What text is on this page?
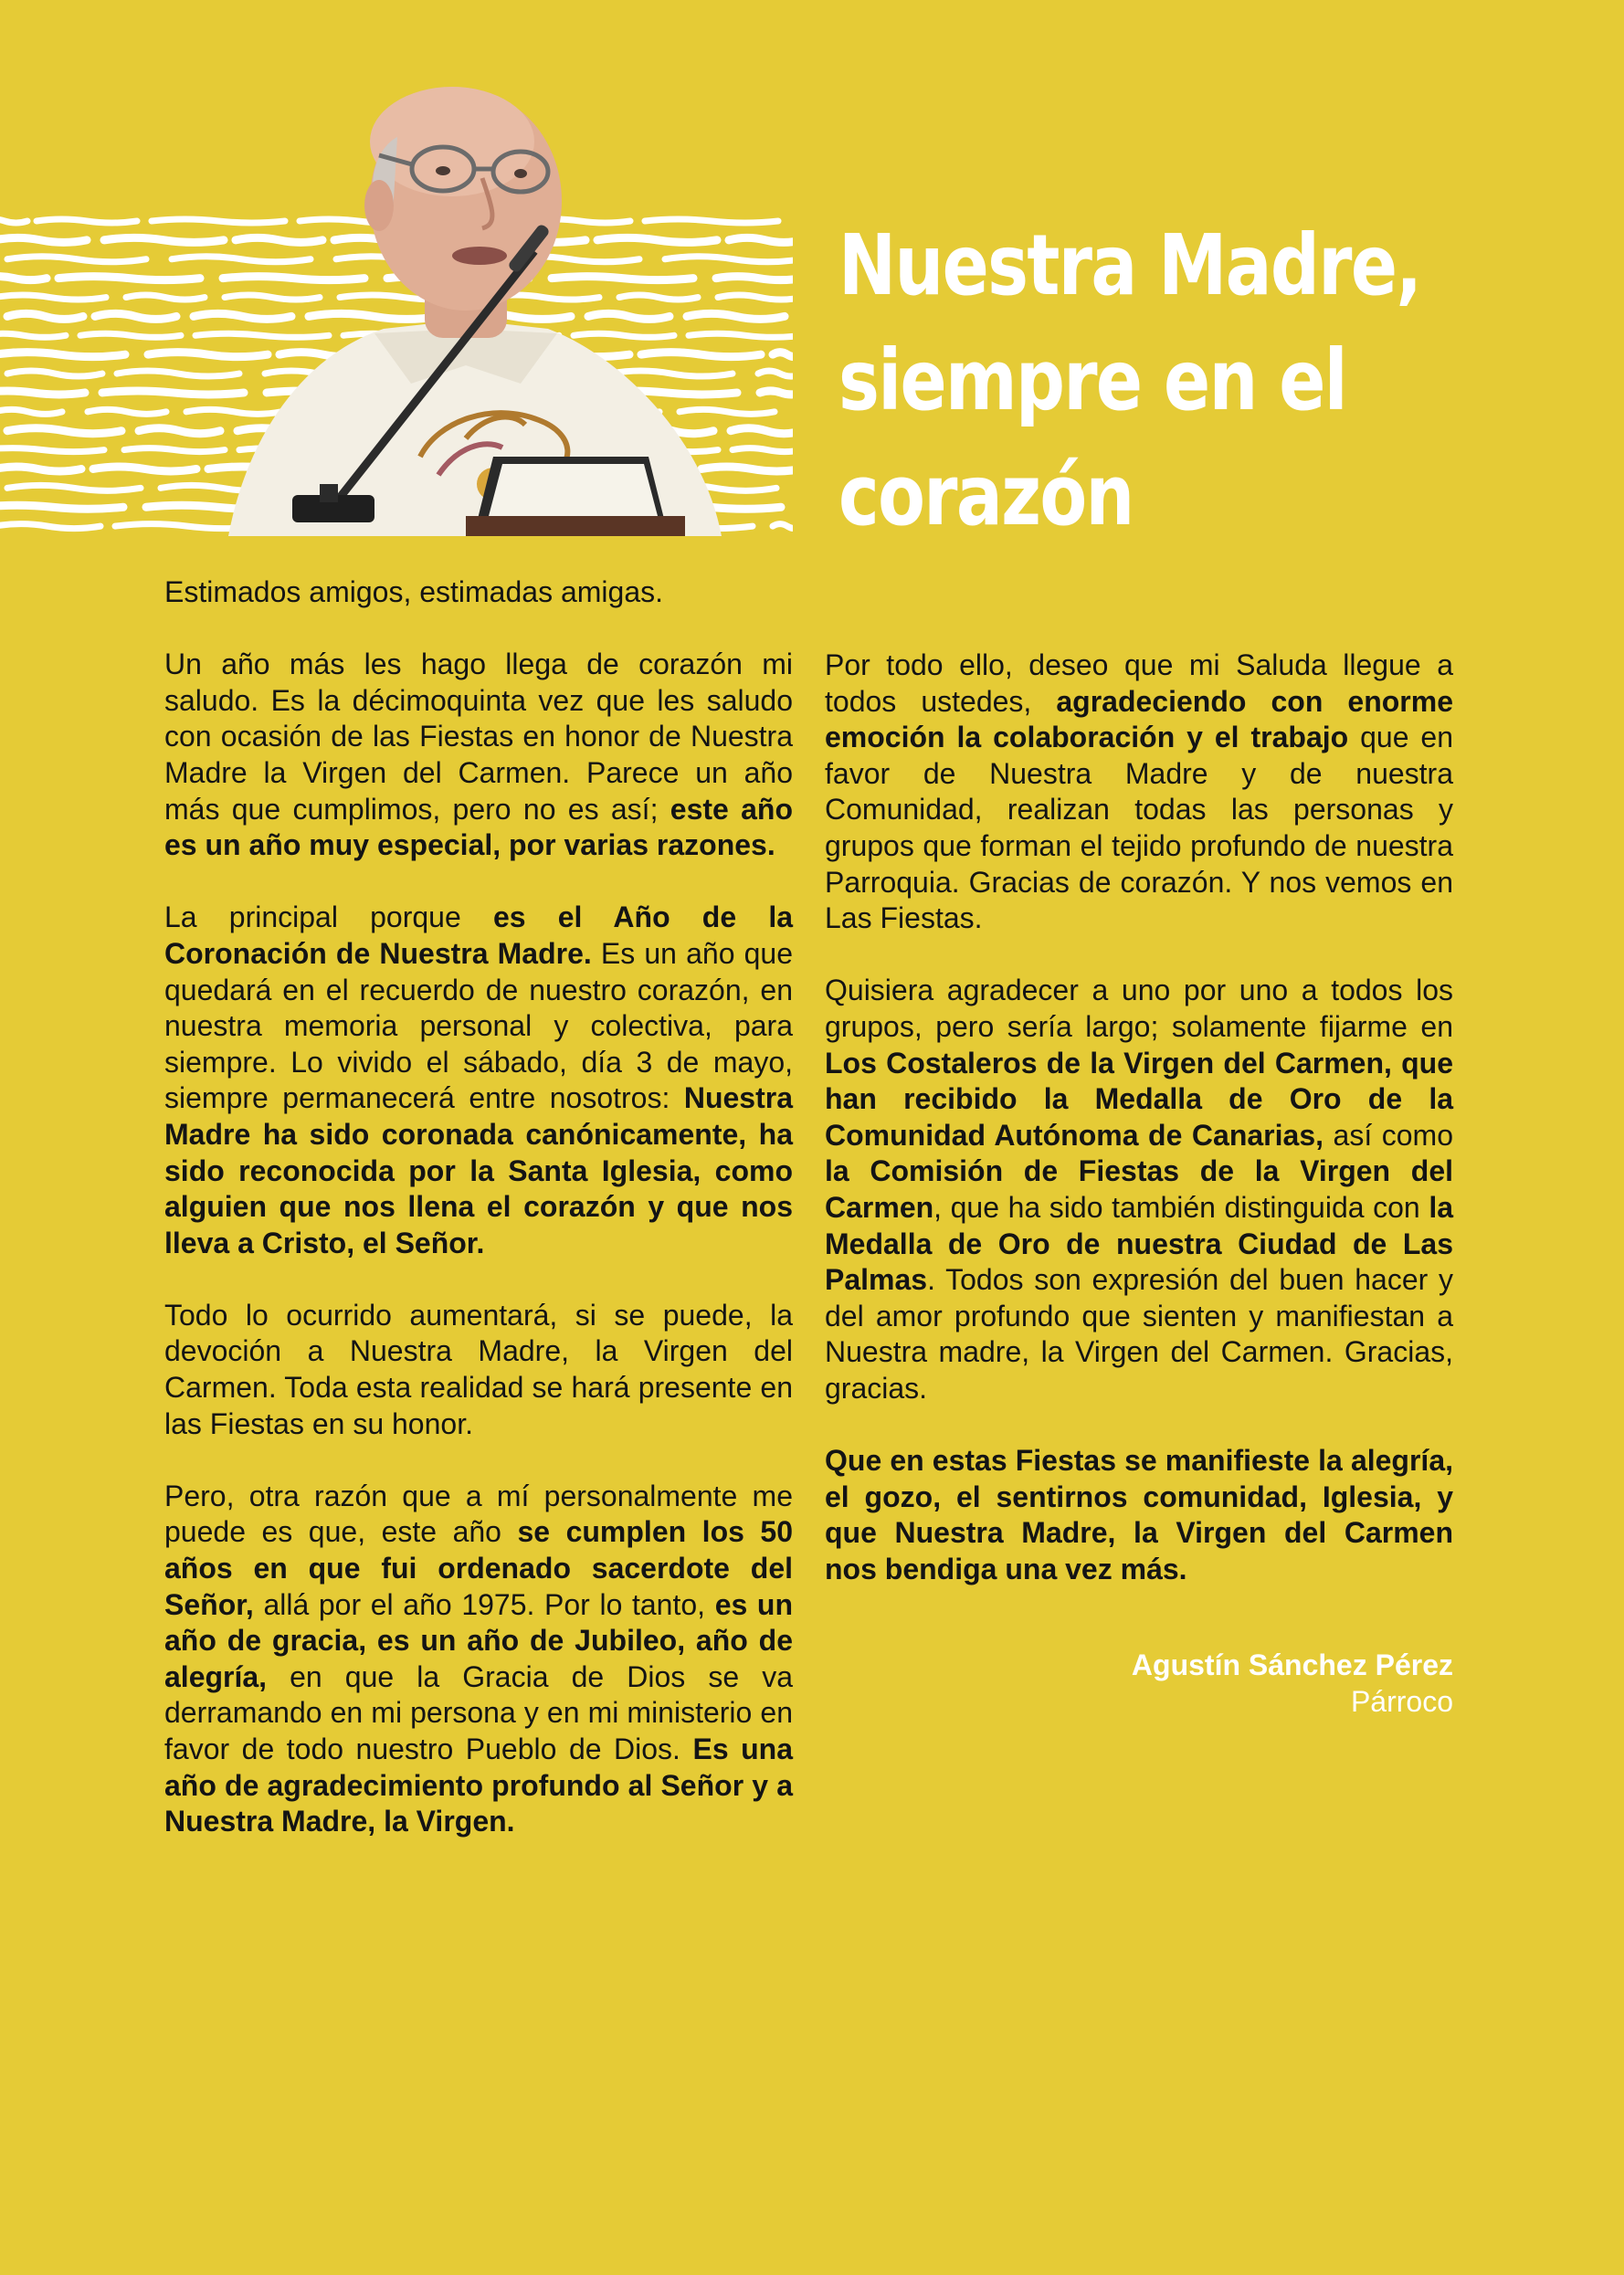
Nuestra Madre,
siempre en el
corazón

Estimados amigos, estimadas amigas.

Un año más les hago llega de corazón mi saludo. Es la décimoquinta vez que les saludo con ocasión de las Fiestas en honor de Nuestra Madre la Virgen del Carmen. Parece un año más que cumplimos, pero no es así; este año es un año muy especial, por varias razones.

La principal porque es el Año de la Coronación de Nuestra Madre. Es un año que quedará en el recuerdo de nuestro corazón, en nuestra memoria personal y colectiva, para siempre. Lo vivido el sábado, día 3 de mayo, siempre permanecerá entre nosotros: Nuestra Madre ha sido coronada canónicamente, ha sido reconocida por la Santa Iglesia, como alguien que nos llena el corazón y que nos lleva a Cristo, el Señor.

Todo lo ocurrido aumentará, si se puede, la devoción a Nuestra Madre, la Virgen del Carmen. Toda esta realidad se hará presente en las Fiestas en su honor.

Pero, otra razón que a mí personalmente me puede es que, este año se cumplen los 50 años en que fui ordenado sacerdote del Señor, allá por el año 1975. Por lo tanto, es un año de gracia, es un año de Jubileo, año de alegría, en que la Gracia de Dios se va derramando en mi persona y en mi ministerio en favor de todo nuestro Pueblo de Dios. Es una año de agradecimiento profundo al Señor y a Nuestra Madre, la Virgen.

Por todo ello, deseo que mi Saluda llegue a todos ustedes, agradeciendo con enorme emoción la colaboración y el trabajo que en favor de Nuestra Madre y de nuestra Comunidad, realizan todas las personas y grupos que forman el tejido profundo de nuestra Parroquia. Gracias de corazón. Y nos vemos en Las Fiestas.

Quisiera agradecer a uno por uno a todos los grupos, pero sería largo; solamente fijarme en Los Costaleros de la Virgen del Carmen, que han recibido la Medalla de Oro de la Comunidad Autónoma de Canarias, así como la Comisión de Fiestas de la Virgen del Carmen, que ha sido también distinguida con la Medalla de Oro de nuestra Ciudad de Las Palmas. Todos son expresión del buen hacer y del amor profundo que sienten y manifiestan a Nuestra madre, la Virgen del Carmen. Gracias, gracias.

Que en estas Fiestas se manifieste la alegría, el gozo, el sentirnos comunidad, Iglesia, y que Nuestra Madre, la Virgen del Carmen nos bendiga una vez más.

Agustín Sánchez Pérez
Párroco
